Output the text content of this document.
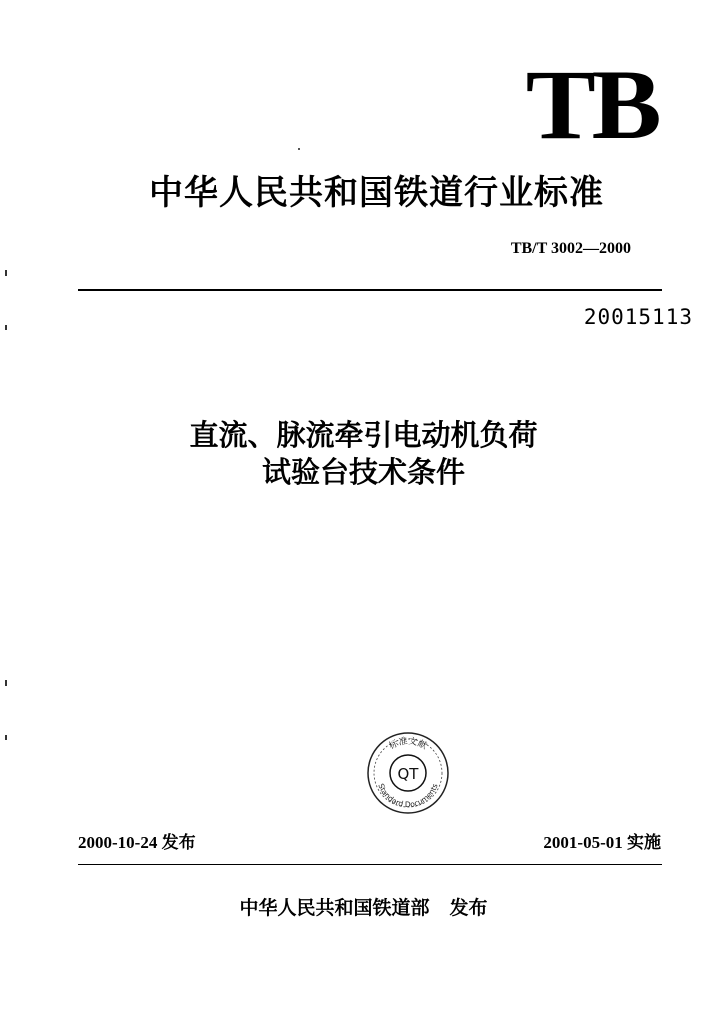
TB
中华人民共和国铁道行业标准
TB/T 3002—2000
20015113
直流、脉流牵引电动机负荷
试验台技术条件
标准文献
Standard Documents
QT
2000-10-24 发布	2001-05-01 实施
中华人民共和国铁道部 发布
